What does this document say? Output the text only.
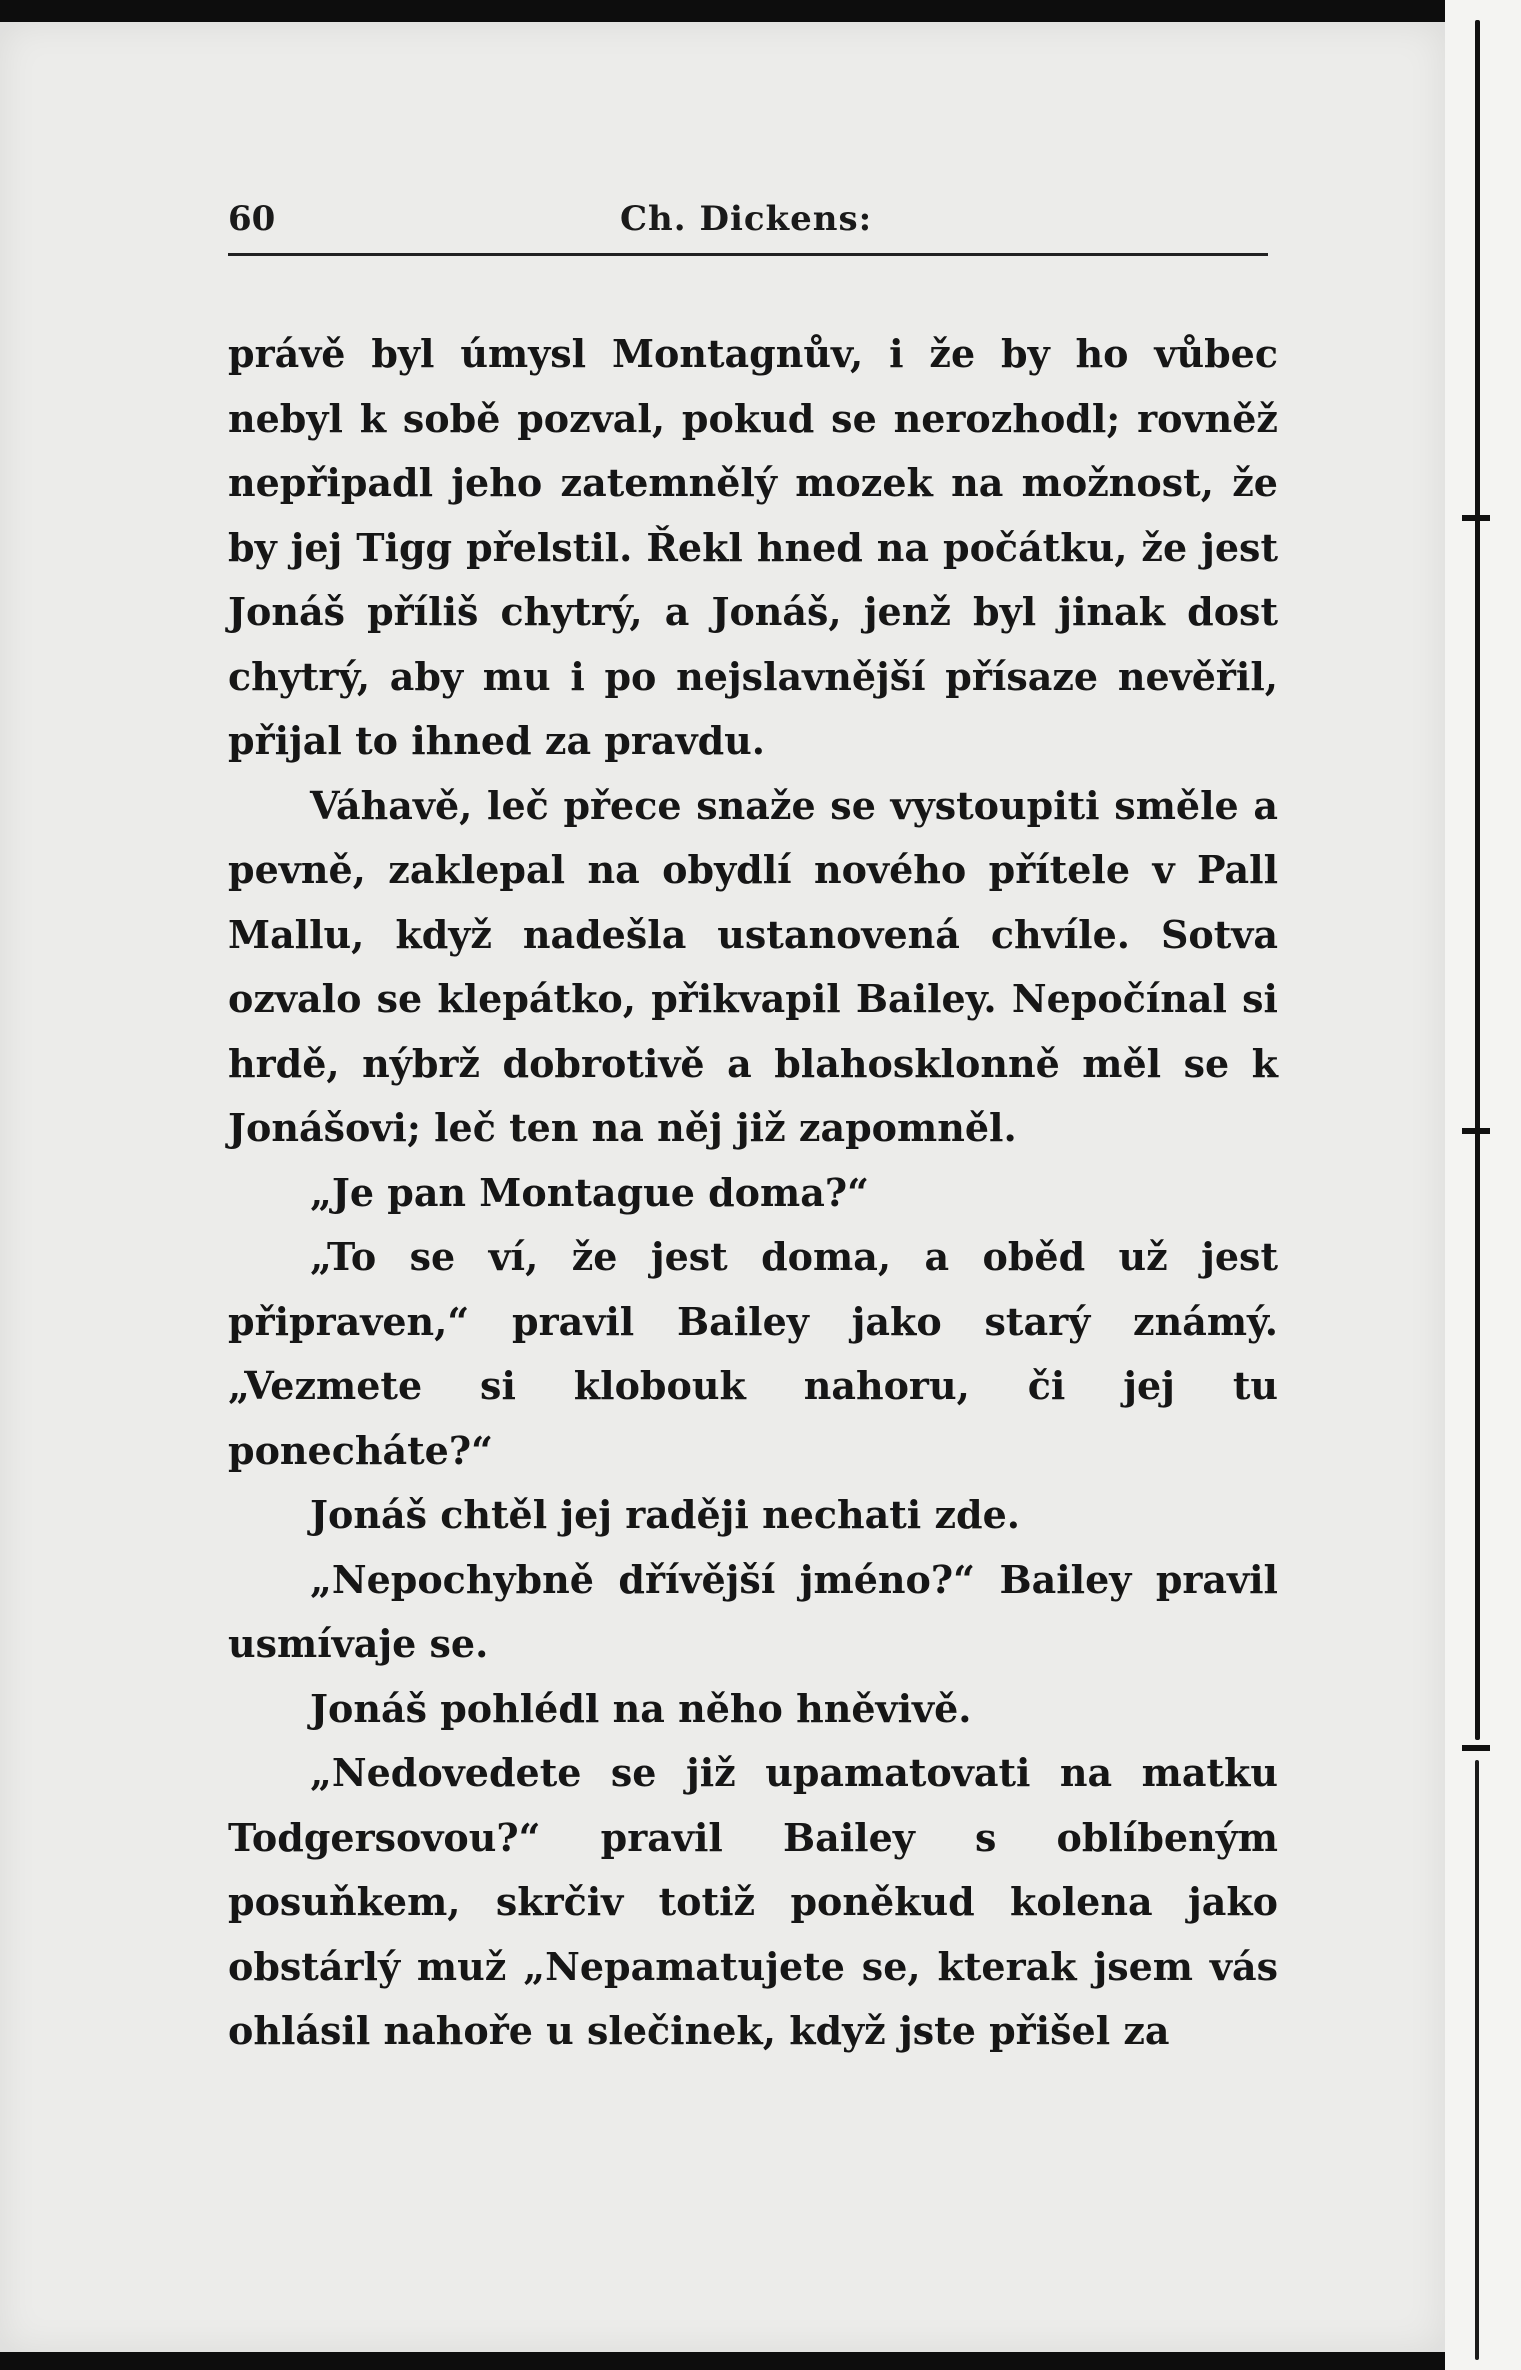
60	Ch. Dickens:

právě byl úmysl Montagnův, i že by ho vůbec nebyl k sobě pozval, pokud se nerozhodl; rovněž nepřipadl jeho zatemnělý mozek na možnost, že by jej Tigg přelstil. Řekl hned na počátku, že jest Jonáš příliš chytrý, a Jonáš, jenž byl jinak dost chytrý, aby mu i po nejslavnější přísaze nevěřil, přijal to ihned za pravdu.

Váhavě, leč přece snaže se vystoupiti směle a pevně, zaklepal na obydlí nového přítele v Pall Mallu, když nadešla ustanovená chvíle. Sotva ozvalo se klepátko, přikvapil Bailey. Nepočínal si hrdě, nýbrž dobrotivě a blahosklonně měl se k Jonášovi; leč ten na něj již zapomněl.

„Je pan Montague doma?“

„To se ví, že jest doma, a oběd už jest připraven,“ pravil Bailey jako starý známý. „Vezmete si klobouk nahoru, či jej tu ponecháte?“

Jonáš chtěl jej raději nechati zde.

„Nepochybně dřívější jméno?“ Bailey pravil usmívaje se.

Jonáš pohlédl na něho hněvivě.

„Nedovedete se již upamatovati na matku Todgersovou?“ pravil Bailey s oblíbeným posuňkem, skrčiv totiž poněkud kolena jako obstárlý muž „Nepamatujete se, kterak jsem vás ohlásil nahoře u slečinek, když jste přišel za
